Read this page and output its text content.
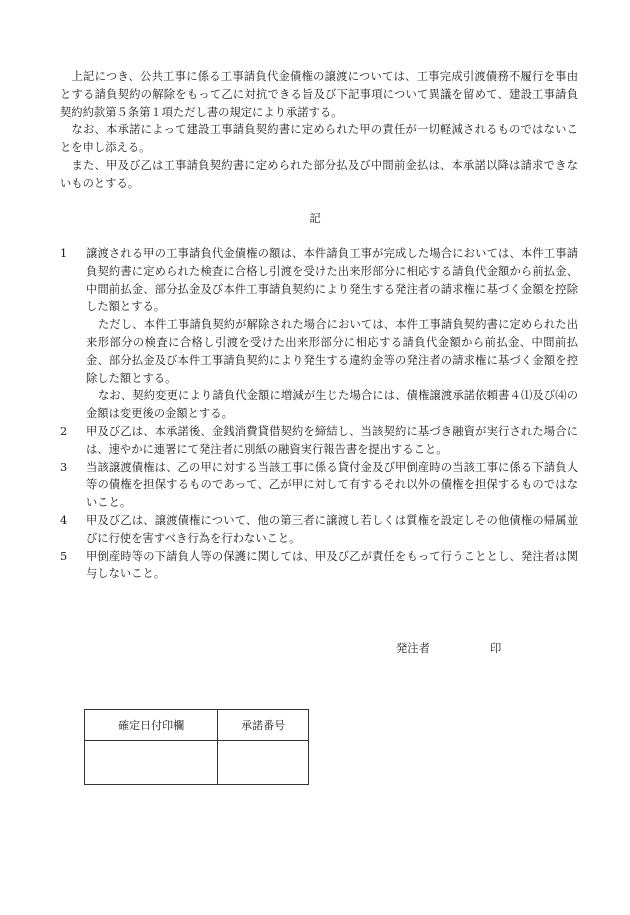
上記につき、公共工事に係る工事請負代金債権の譲渡については、工事完成引渡債務不履行を事由とする請負契約の解除をもって乙に対抗できる旨及び下記事項について異議を留めて、建設工事請負契約約款第５条第１項ただし書の規定により承諾する。

なお、本承諾によって建設工事請負契約書に定められた甲の責任が一切軽減されるものではないことを申し添える。

また、甲及び乙は工事請負契約書に定められた部分払及び中間前金払は、本承諾以降は請求できないものとする。

記
1	譲渡される甲の工事請負代金債権の額は、本件請負工事が完成した場合においては、本件工事請負契約書に定められた検査に合格し引渡を受けた出来形部分に相応する請負代金額から前払金、中間前払金、部分払金及び本件工事請負契約により発生する発注者の請求権に基づく金額を控除した額とする。

ただし、本件工事請負契約が解除された場合においては、本件工事請負契約書に定められた出来形部分の検査に合格し引渡を受けた出来形部分に相応する請負代金額から前払金、中間前払金、部分払金及び本件工事請負契約により発生する違約金等の発注者の請求権に基づく金額を控除した額とする。

なお、契約変更により請負代金額に増減が生じた場合には、債権譲渡承諾依頼書４⑴及び⑷の金額は変更後の金額とする。

2	甲及び乙は、本承諾後、金銭消費貸借契約を締結し、当該契約に基づき融資が実行された場合には、速やかに連署にて発注者に別紙の融資実行報告書を提出すること。
3	当該譲渡債権は、乙の甲に対する当該工事に係る貸付金及び甲倒産時の当該工事に係る下請負人等の債権を担保するものであって、乙が甲に対して有するそれ以外の債権を担保するものではないこと。
4	甲及び乙は、譲渡債権について、他の第三者に譲渡し若しくは質権を設定しその他債権の帰属並びに行使を害すべき行為を行わないこと。
5	甲倒産時等の下請負人等の保護に関しては、甲及び乙が責任をもって行うこととし、発注者は関与しないこと。
発注者	印
確定日付印欄	承諾番号
